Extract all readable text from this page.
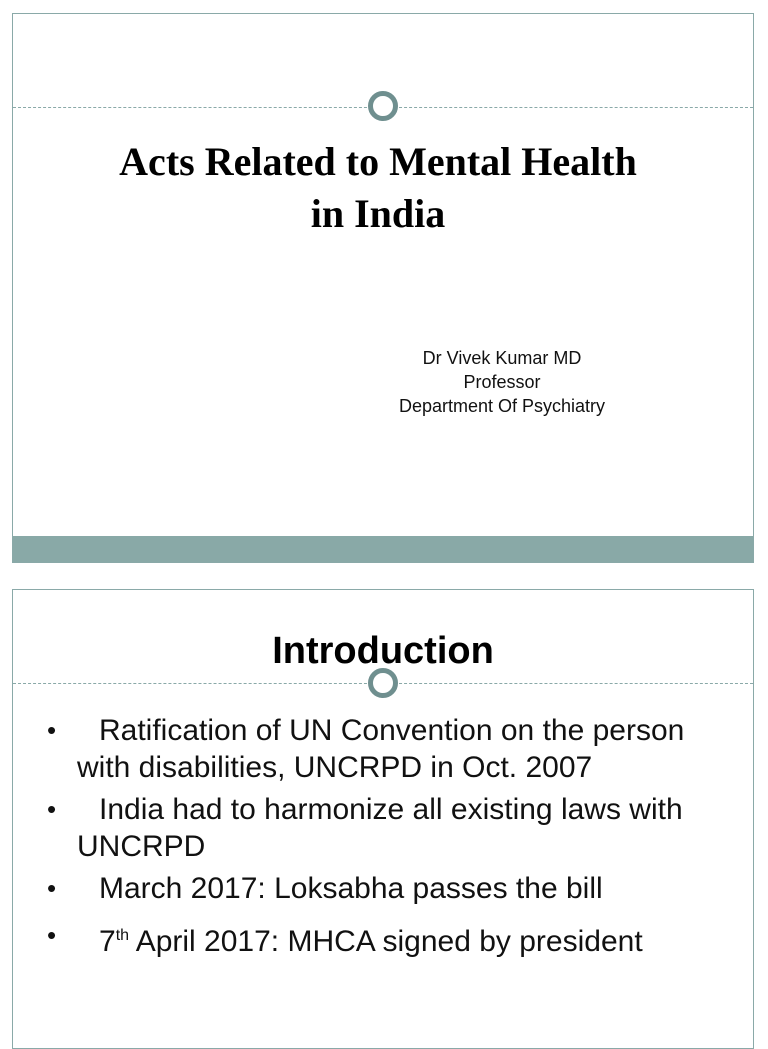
Acts Related to Mental Health
in India
Dr Vivek Kumar MD
Professor
Department Of Psychiatry
Introduction
• Ratification of UN Convention on the person with disabilities, UNCRPD in Oct. 2007
• India had to harmonize all existing laws with UNCRPD
• March 2017: Loksabha passes the bill
• 7th April 2017: MHCA signed by president
